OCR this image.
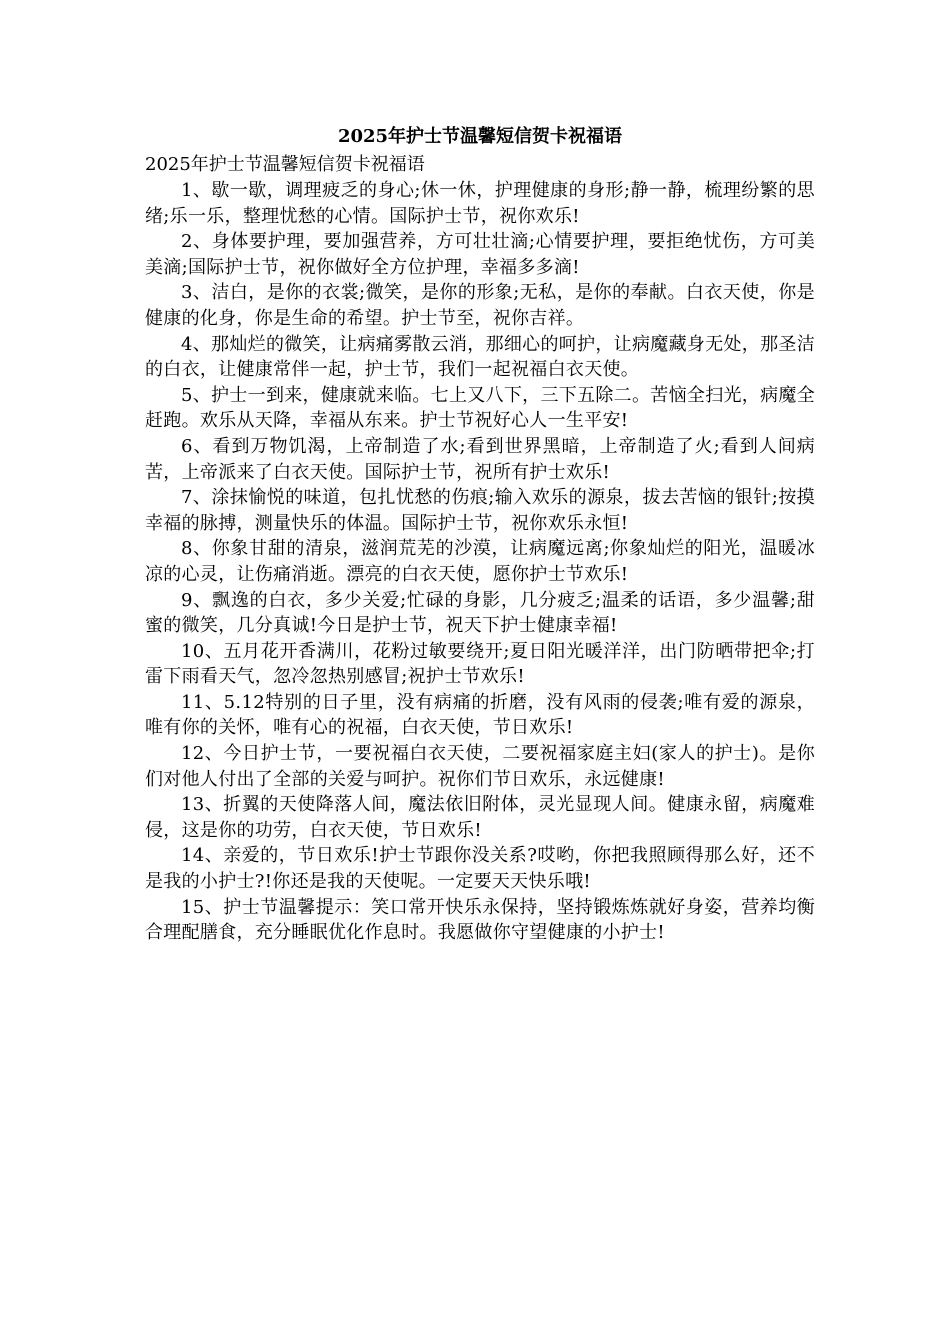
2025年护士节温馨短信贺卡祝福语

2025年护士节温馨短信贺卡祝福语

1、歇一歇，调理疲乏的身心;休一休，护理健康的身形;静一静，梳理纷繁的思绪;乐一乐，整理忧愁的心情。国际护士节，祝你欢乐!

2、身体要护理，要加强营养，方可壮壮滴;心情要护理，要拒绝忧伤，方可美美滴;国际护士节，祝你做好全方位护理，幸福多多滴!

3、洁白，是你的衣裳;微笑，是你的形象;无私，是你的奉献。白衣天使，你是健康的化身，你是生命的希望。护士节至，祝你吉祥。

4、那灿烂的微笑，让病痛雾散云消，那细心的呵护，让病魔藏身无处，那圣洁的白衣，让健康常伴一起，护士节，我们一起祝福白衣天使。

5、护士一到来，健康就来临。七上又八下，三下五除二。苦恼全扫光，病魔全赶跑。欢乐从天降，幸福从东来。护士节祝好心人一生平安!

6、看到万物饥渴，上帝制造了水;看到世界黑暗，上帝制造了火;看到人间病苦，上帝派来了白衣天使。国际护士节，祝所有护士欢乐!

7、涂抹愉悦的味道，包扎忧愁的伤痕;输入欢乐的源泉，拔去苦恼的银针;按摸幸福的脉搏，测量快乐的体温。国际护士节，祝你欢乐永恒!

8、你象甘甜的清泉，滋润荒芜的沙漠，让病魔远离;你象灿烂的阳光，温暖冰凉的心灵，让伤痛消逝。漂亮的白衣天使，愿你护士节欢乐!

9、飘逸的白衣，多少关爱;忙碌的身影，几分疲乏;温柔的话语，多少温馨;甜蜜的微笑，几分真诚!今日是护士节，祝天下护士健康幸福!

10、五月花开香满川，花粉过敏要绕开;夏日阳光暖洋洋，出门防晒带把伞;打雷下雨看天气，忽冷忽热别感冒;祝护士节欢乐!

11、5.12特别的日子里，没有病痛的折磨，没有风雨的侵袭;唯有爱的源泉，唯有你的关怀，唯有心的祝福，白衣天使，节日欢乐!

12、今日护士节，一要祝福白衣天使，二要祝福家庭主妇(家人的护士)。是你们对他人付出了全部的关爱与呵护。祝你们节日欢乐，永远健康!

13、折翼的天使降落人间，魔法依旧附体，灵光显现人间。健康永留，病魔难侵，这是你的功劳，白衣天使，节日欢乐!

14、亲爱的，节日欢乐!护士节跟你没关系?哎哟，你把我照顾得那么好，还不是我的小护士?!你还是我的天使呢。一定要天天快乐哦!

15、护士节温馨提示：笑口常开快乐永保持，坚持锻炼炼就好身姿，营养均衡合理配膳食，充分睡眠优化作息时。我愿做你守望健康的小护士!
